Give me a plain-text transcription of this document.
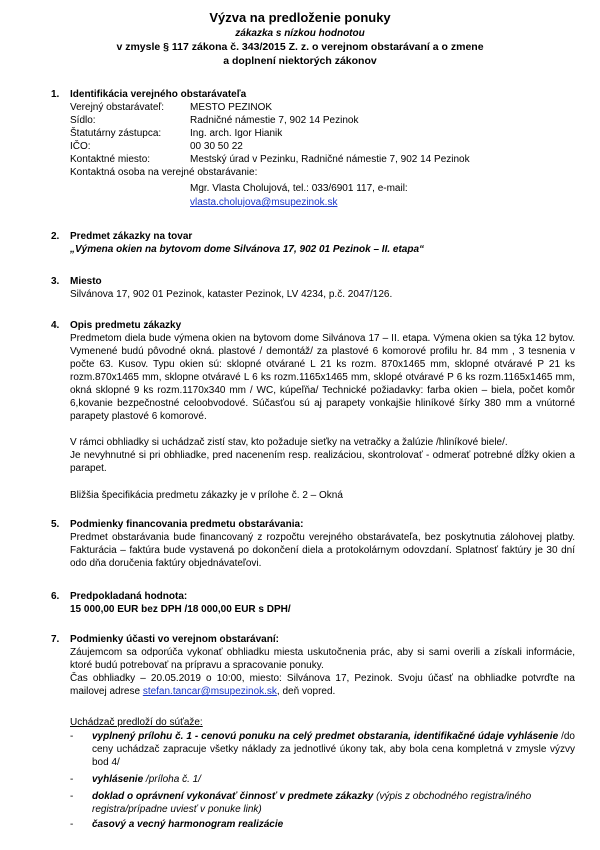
Výzva na predloženie ponuky
zákazka s nízkou hodnotou
v zmysle § 117 zákona č. 343/2015 Z. z. o verejnom obstarávaní a o zmene
a doplnení niektorých zákonov
1. Identifikácia verejného obstarávateľa
Verejný obstarávateľ:	MESTO PEZINOK
Sídlo:	Radničné námestie 7, 902 14 Pezinok
Štatutárny zástupca:	Ing. arch. Igor Hianik
IČO:	00 30 50 22
Kontaktné miesto:	Mestský úrad v Pezinku, Radničné námestie 7, 902 14 Pezinok
Kontaktná osoba na verejné obstarávanie:
Mgr. Vlasta Cholujová, tel.: 033/6901 117, e-mail:
vlasta.cholujova@msupezinok.sk
2. Predmet zákazky na tovar
„Výmena okien na bytovom dome Silvánova 17, 902 01 Pezinok – II. etapa“
3. Miesto
Silvánova 17, 902 01 Pezinok, kataster Pezinok, LV 4234, p.č. 2047/126.
4. Opis predmetu zákazky
Predmetom diela bude výmena okien na bytovom dome Silvánova 17 – II. etapa. Výmena okien sa týka 12 bytov. Vymenené budú pôvodné okná. plastové / demontáž/ za plastové 6 komorové profilu hr. 84 mm , 3 tesnenia v počte 63. Kusov. Typu okien sú: sklopné otvárané L 21 ks rozm. 870x1465 mm, sklopné otváravé P 21 ks rozm.870x1465 mm, sklopne otváravé L 6 ks rozm.1165x1465 mm, sklopé otváravé P 6 ks rozm.1165x1465 mm, okná sklopné 9 ks rozm.1170x340 mm / WC, kúpeľňa/ Technické požiadavky: farba okien – biela, počet komôr 6,kovanie bezpečnostné celoobvodové. Súčasťou sú aj parapety vonkajšie hliníkové šírky 380 mm a vnútorné parapety plastové 6 komorové.
V rámci obhliadky si uchádzač zistí stav, kto požaduje sieťky na vetračky a žalúzie /hliníkové biele/.
Je nevyhnutné si pri obhliadke, pred nacenením resp. realizáciou, skontrolovať - odmerať potrebné dĺžky okien a parapet.
Bližšia špecifikácia predmetu zákazky je v prílohe č. 2 – Okná
5. Podmienky financovania predmetu obstarávania:
Predmet obstarávania bude financovaný z rozpočtu verejného obstarávateľa, bez poskytnutia zálohovej platby. Fakturácia – faktúra bude vystavená po dokončení diela a protokolárnym odovzdaní. Splatnosť faktúry je 30 dní odo dňa doručenia faktúry objednávateľovi.
6. Predpokladaná hodnota:
15 000,00 EUR bez DPH /18 000,00 EUR s DPH/
7. Podmienky účasti vo verejnom obstarávaní:
Záujemcom sa odporúča vykonať obhliadku miesta uskutočnenia prác, aby si sami overili a získali informácie, ktoré budú potrebovať na prípravu a spracovanie ponuky.
Čas obhliadky – 20.05.2019 o 10:00, miesto: Silvánova 17, Pezinok. Svoju účasť na obhliadke potvrďte na mailovej adrese stefan.tancar@msupezinok.sk, deň vopred.
Uchádzač predloží do súťaže:
- vyplnený prílohu č. 1 - cenovú ponuku na celý predmet obstarania, identifikačné údaje vyhlásenie /do ceny uchádzač zapracuje všetky náklady za jednotlivé úkony tak, aby bola cena kompletná v zmysle výzvy bod 4/
- vyhlásenie /príloha č. 1/
- doklad o oprávnení vykonávať činnosť v predmete zákazky (výpis z obchodného registra/iného registra/prípadne uviesť v ponuke link)
- časový a vecný harmonogram realizácie
